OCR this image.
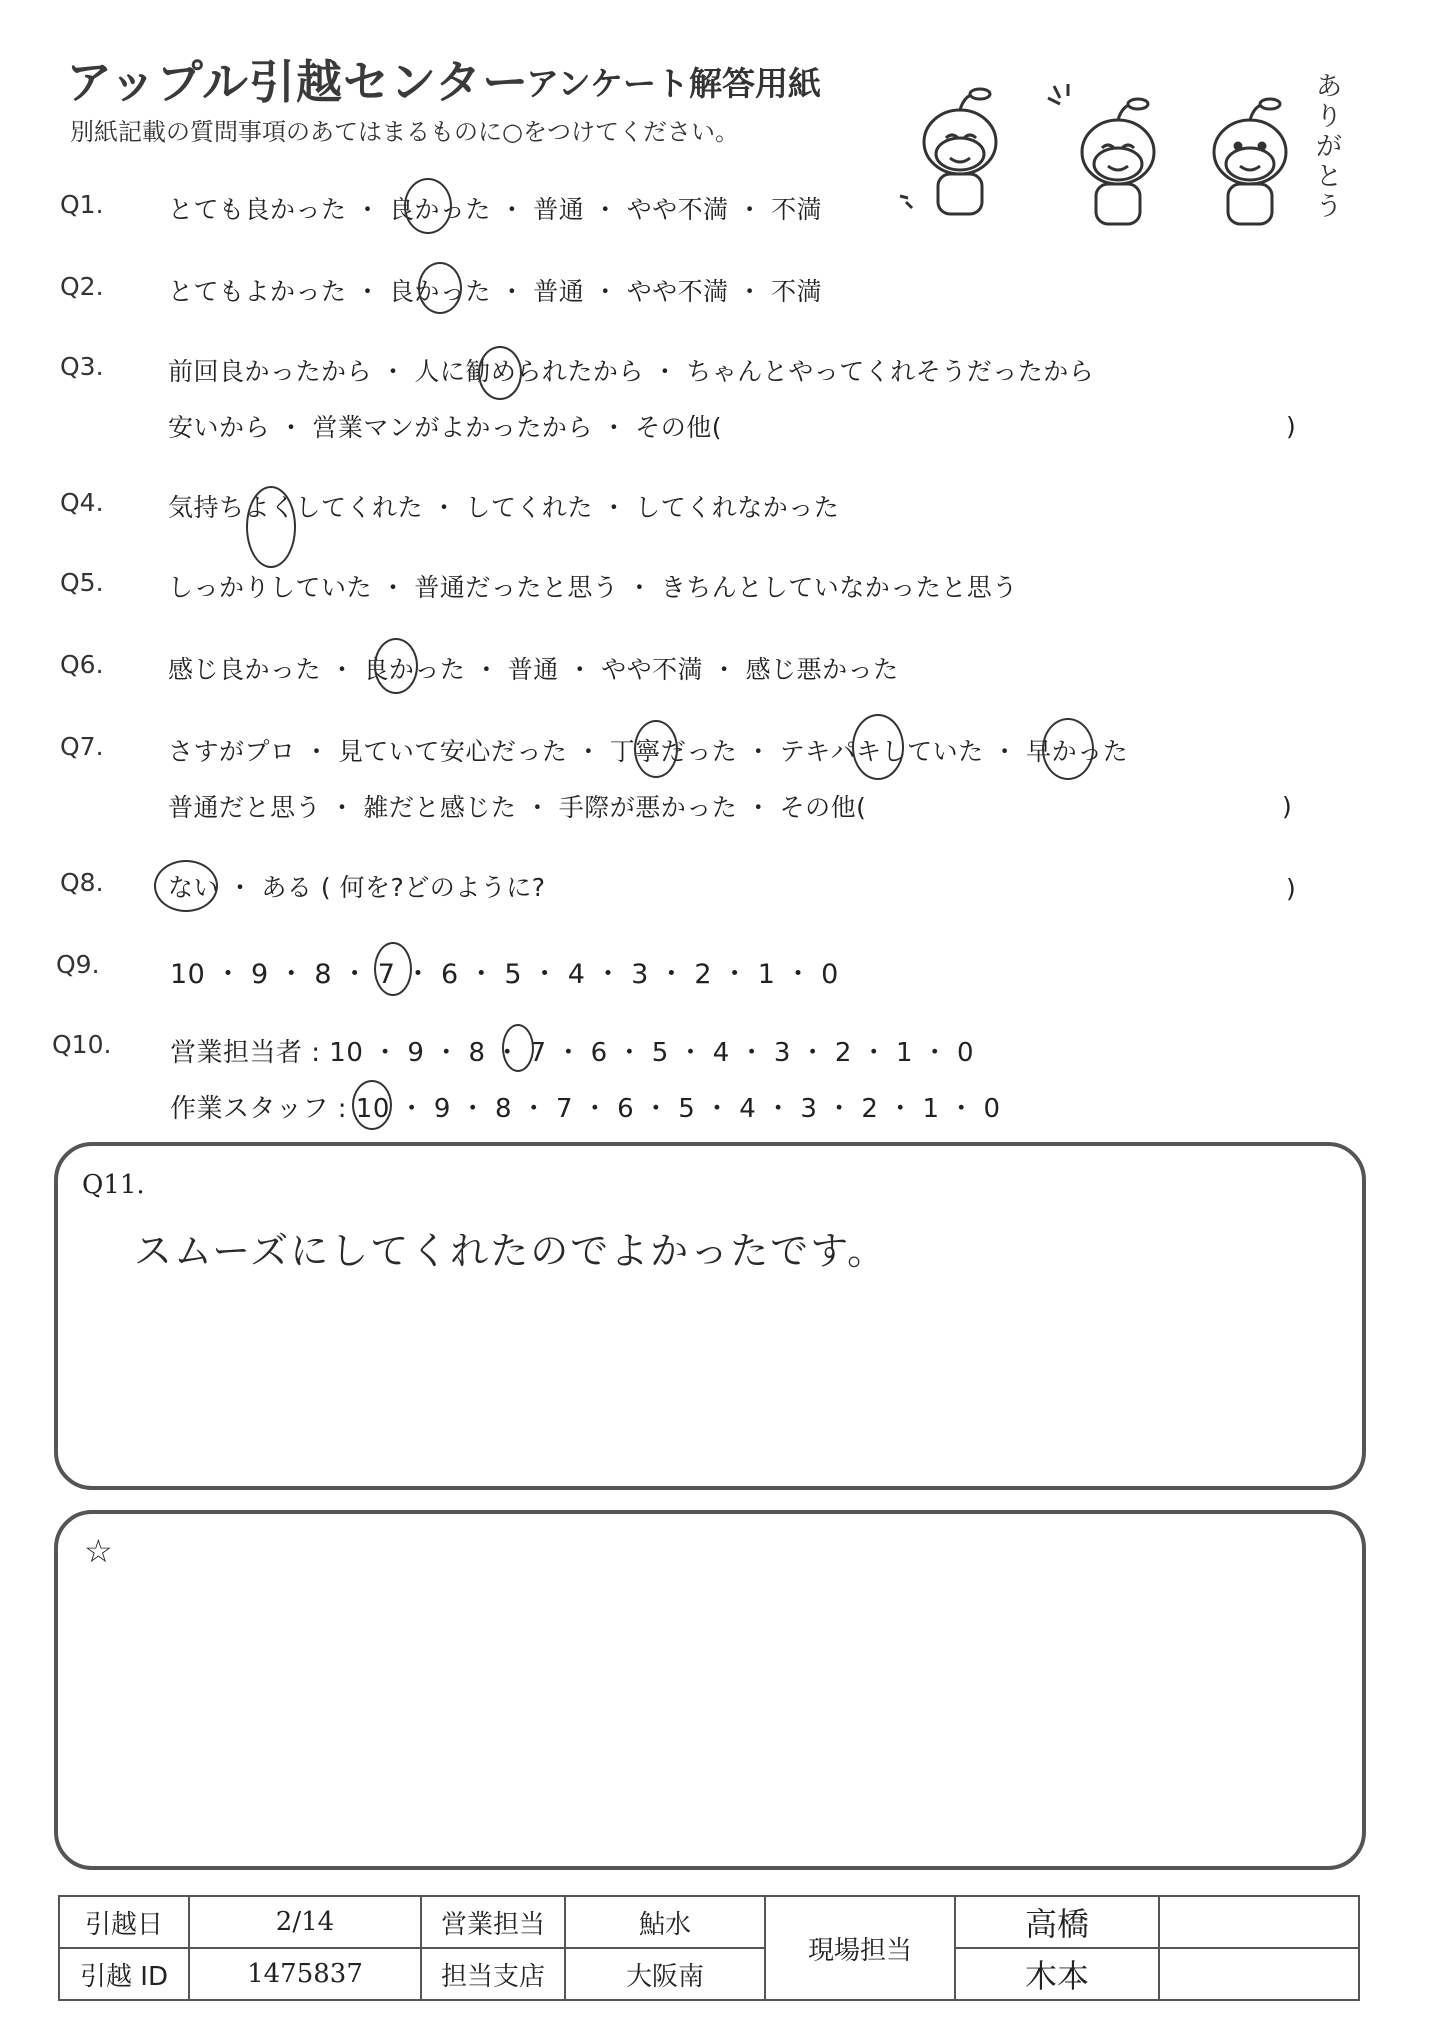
アップル引越センター
アンケート解答用紙
別紙記載の質問事項のあてはまるものに○をつけてください。
ありがとう
Q1.	とても良かった ・ 良かった ・ 普通 ・ やや不満 ・ 不満
Q2.	とてもよかった ・ 良かった ・ 普通 ・ やや不満 ・ 不満
Q3.	前回良かったから ・ 人に勧められたから ・ ちゃんとやってくれそうだったから
安いから ・ 営業マンがよかったから ・ その他(	)
Q4.	気持ちよくしてくれた ・ してくれた ・ してくれなかった
Q5.	しっかりしていた ・ 普通だったと思う ・ きちんとしていなかったと思う
Q6.	感じ良かった ・ 良かった ・ 普通 ・ やや不満 ・ 感じ悪かった
Q7.	さすがプロ ・ 見ていて安心だった ・ 丁寧だった ・ テキパキしていた ・ 早かった
普通だと思う ・ 雑だと感じた ・ 手際が悪かった ・ その他(	)
Q8.	ない ・ ある ( 何を?どのように?	)
Q9.	10 ・ 9 ・ 8 ・ 7 ・ 6 ・ 5 ・ 4 ・ 3 ・ 2 ・ 1 ・ 0
Q10. 営業担当者 : 10 ・ 9 ・ 8 ・ 7 ・ 6 ・ 5 ・ 4 ・ 3 ・ 2 ・ 1 ・ 0
作業スタッフ : 10 ・ 9 ・ 8 ・ 7 ・ 6 ・ 5 ・ 4 ・ 3 ・ 2 ・ 1 ・ 0
Q11.
スムーズにしてくれたのでよかったです。
☆
引越日	2/14	営業担当	鮎水	現場担当	高橋	
引越 ID	1475837	担当支店	大阪南		木本	
